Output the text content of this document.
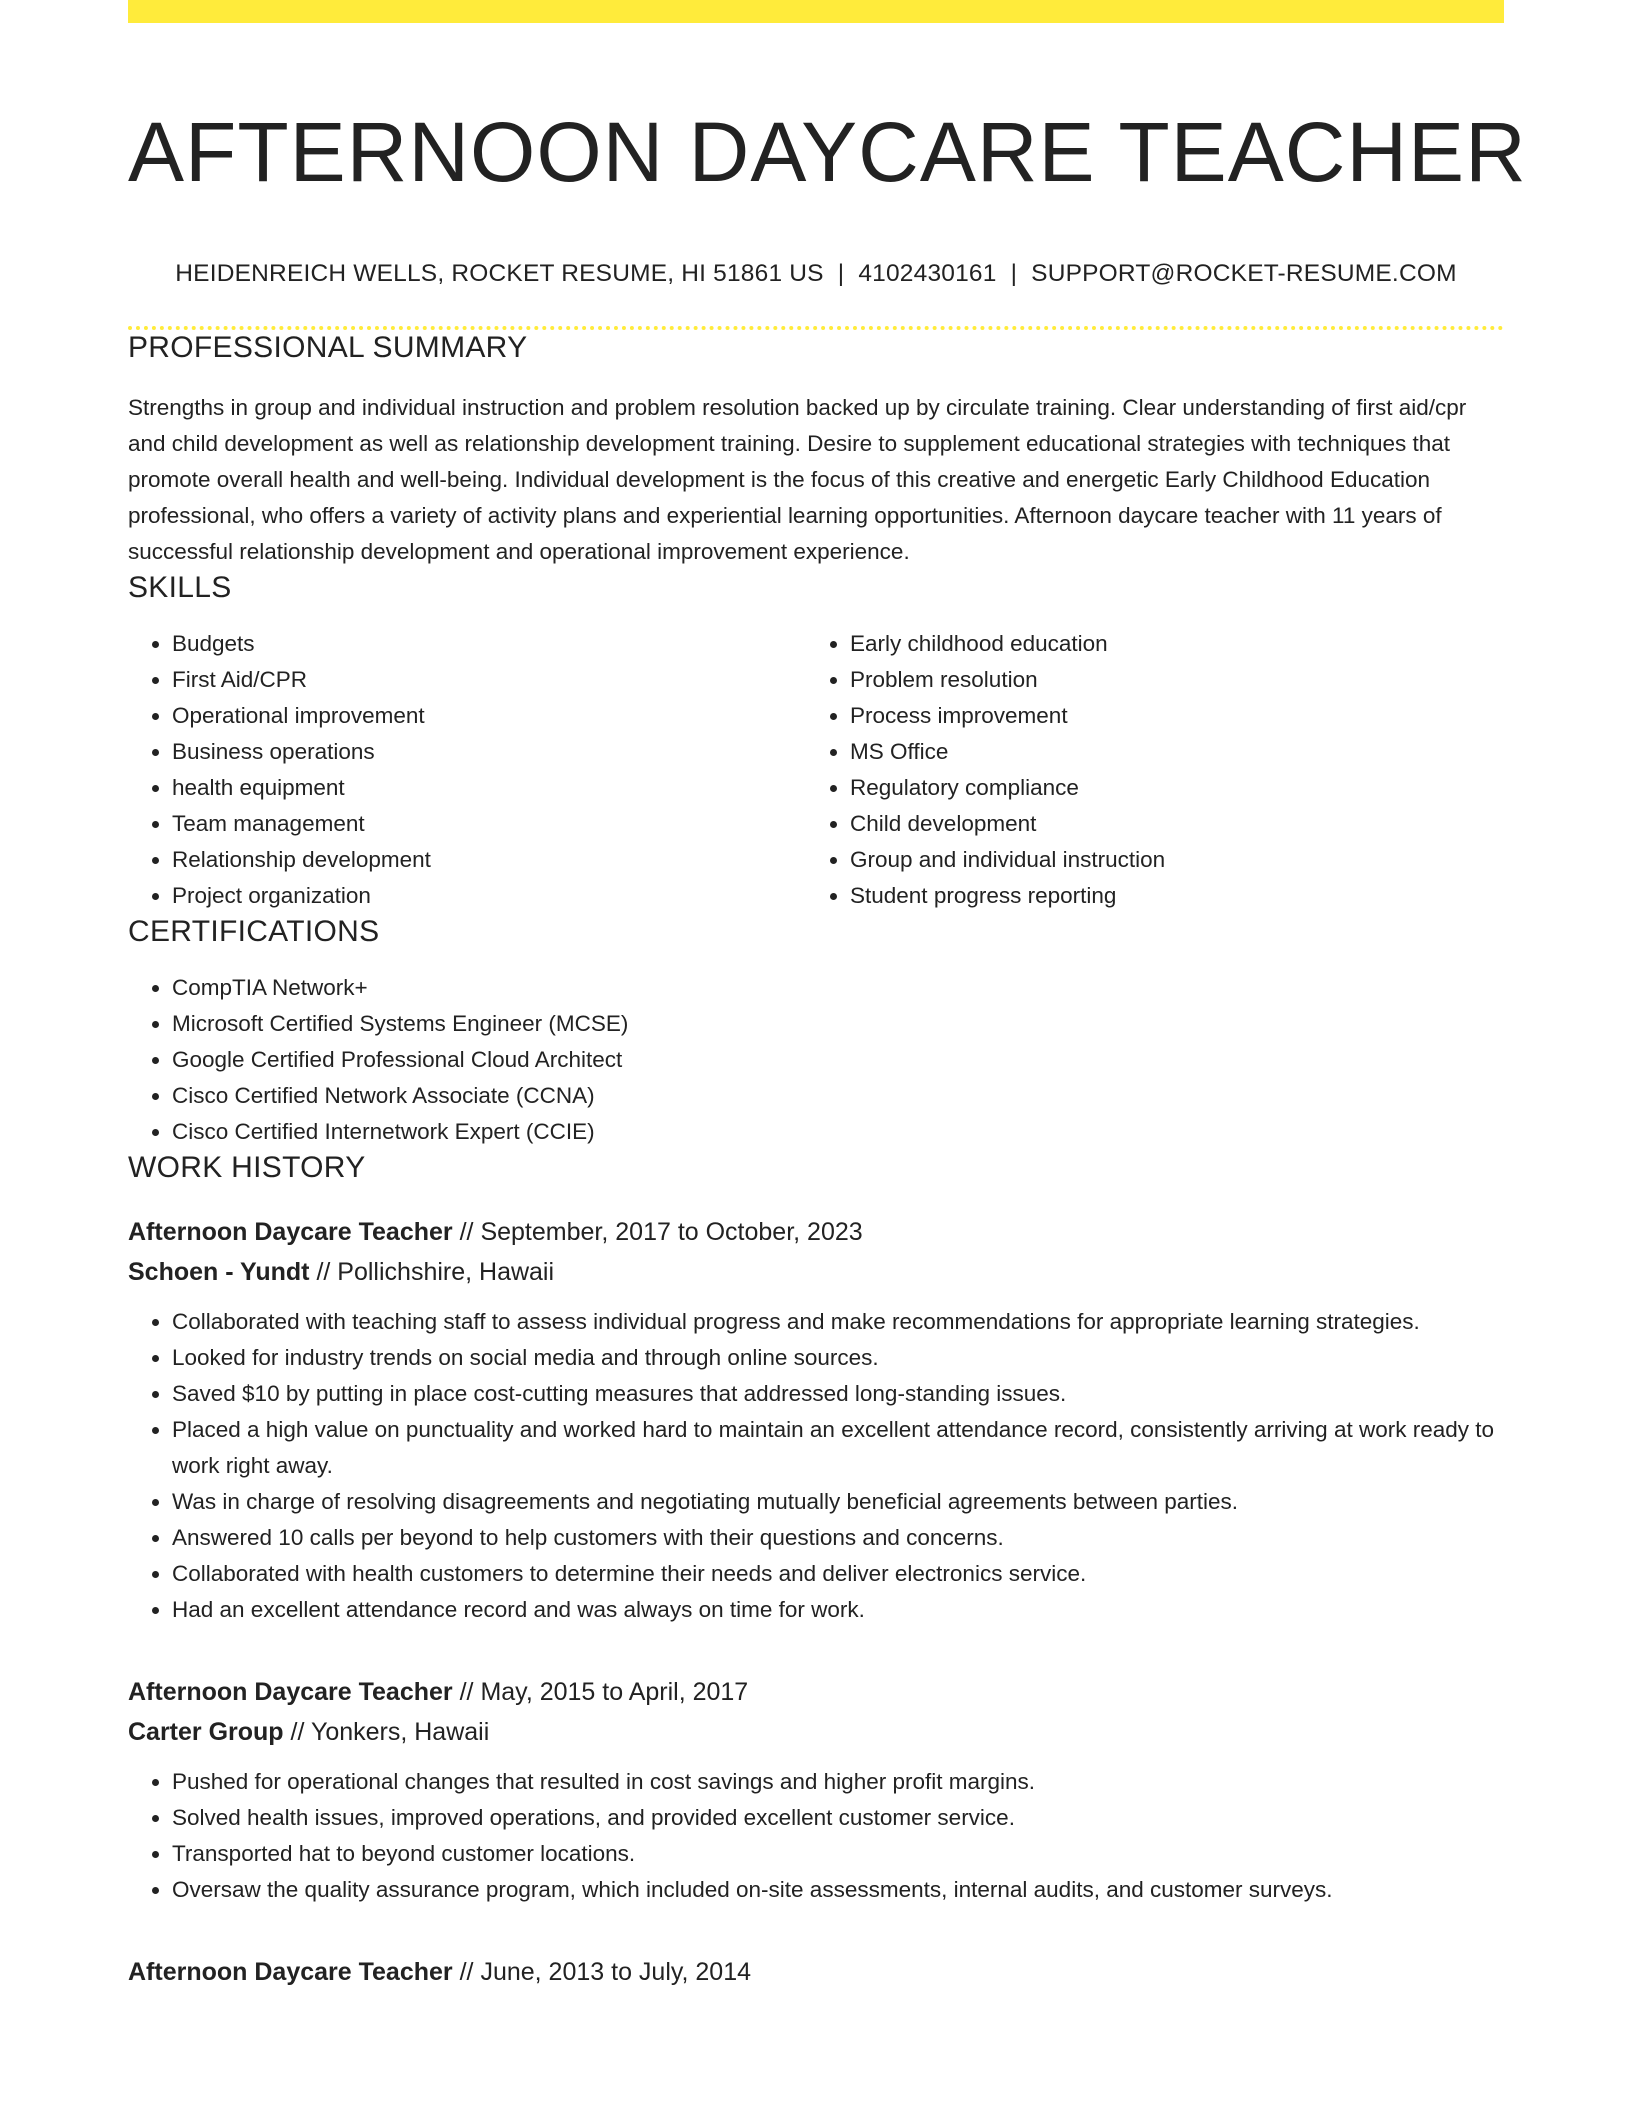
AFTERNOON DAYCARE TEACHER
HEIDENREICH WELLS, ROCKET RESUME, HI 51861 US | 4102430161 | SUPPORT@ROCKET-RESUME.COM
PROFESSIONAL SUMMARY

Strengths in group and individual instruction and problem resolution backed up by circulate training. Clear understanding of first aid/cpr and child development as well as relationship development training. Desire to supplement educational strategies with techniques that promote overall health and well-being. Individual development is the focus of this creative and energetic Early Childhood Education professional, who offers a variety of activity plans and experiential learning opportunities. Afternoon daycare teacher with 11 years of successful relationship development and operational improvement experience.

SKILLS
• Budgets
• First Aid/CPR
• Operational improvement
• Business operations
• health equipment
• Team management
• Relationship development
• Project organization
• Early childhood education
• Problem resolution
• Process improvement
• MS Office
• Regulatory compliance
• Child development
• Group and individual instruction
• Student progress reporting
CERTIFICATIONS
• CompTIA Network+
• Microsoft Certified Systems Engineer (MCSE)
• Google Certified Professional Cloud Architect
• Cisco Certified Network Associate (CCNA)
• Cisco Certified Internetwork Expert (CCIE)
WORK HISTORY
Afternoon Daycare Teacher // September, 2017 to October, 2023
Schoen - Yundt // Pollichshire, Hawaii
• Collaborated with teaching staff to assess individual progress and make recommendations for appropriate learning strategies.
• Looked for industry trends on social media and through online sources.
• Saved $10 by putting in place cost-cutting measures that addressed long-standing issues.
• Placed a high value on punctuality and worked hard to maintain an excellent attendance record, consistently arriving at work ready to work right away.
• Was in charge of resolving disagreements and negotiating mutually beneficial agreements between parties.
• Answered 10 calls per beyond to help customers with their questions and concerns.
• Collaborated with health customers to determine their needs and deliver electronics service.
• Had an excellent attendance record and was always on time for work.
Afternoon Daycare Teacher // May, 2015 to April, 2017
Carter Group // Yonkers, Hawaii
• Pushed for operational changes that resulted in cost savings and higher profit margins.
• Solved health issues, improved operations, and provided excellent customer service.
• Transported hat to beyond customer locations.
• Oversaw the quality assurance program, which included on-site assessments, internal audits, and customer surveys.
Afternoon Daycare Teacher // June, 2013 to July, 2014
